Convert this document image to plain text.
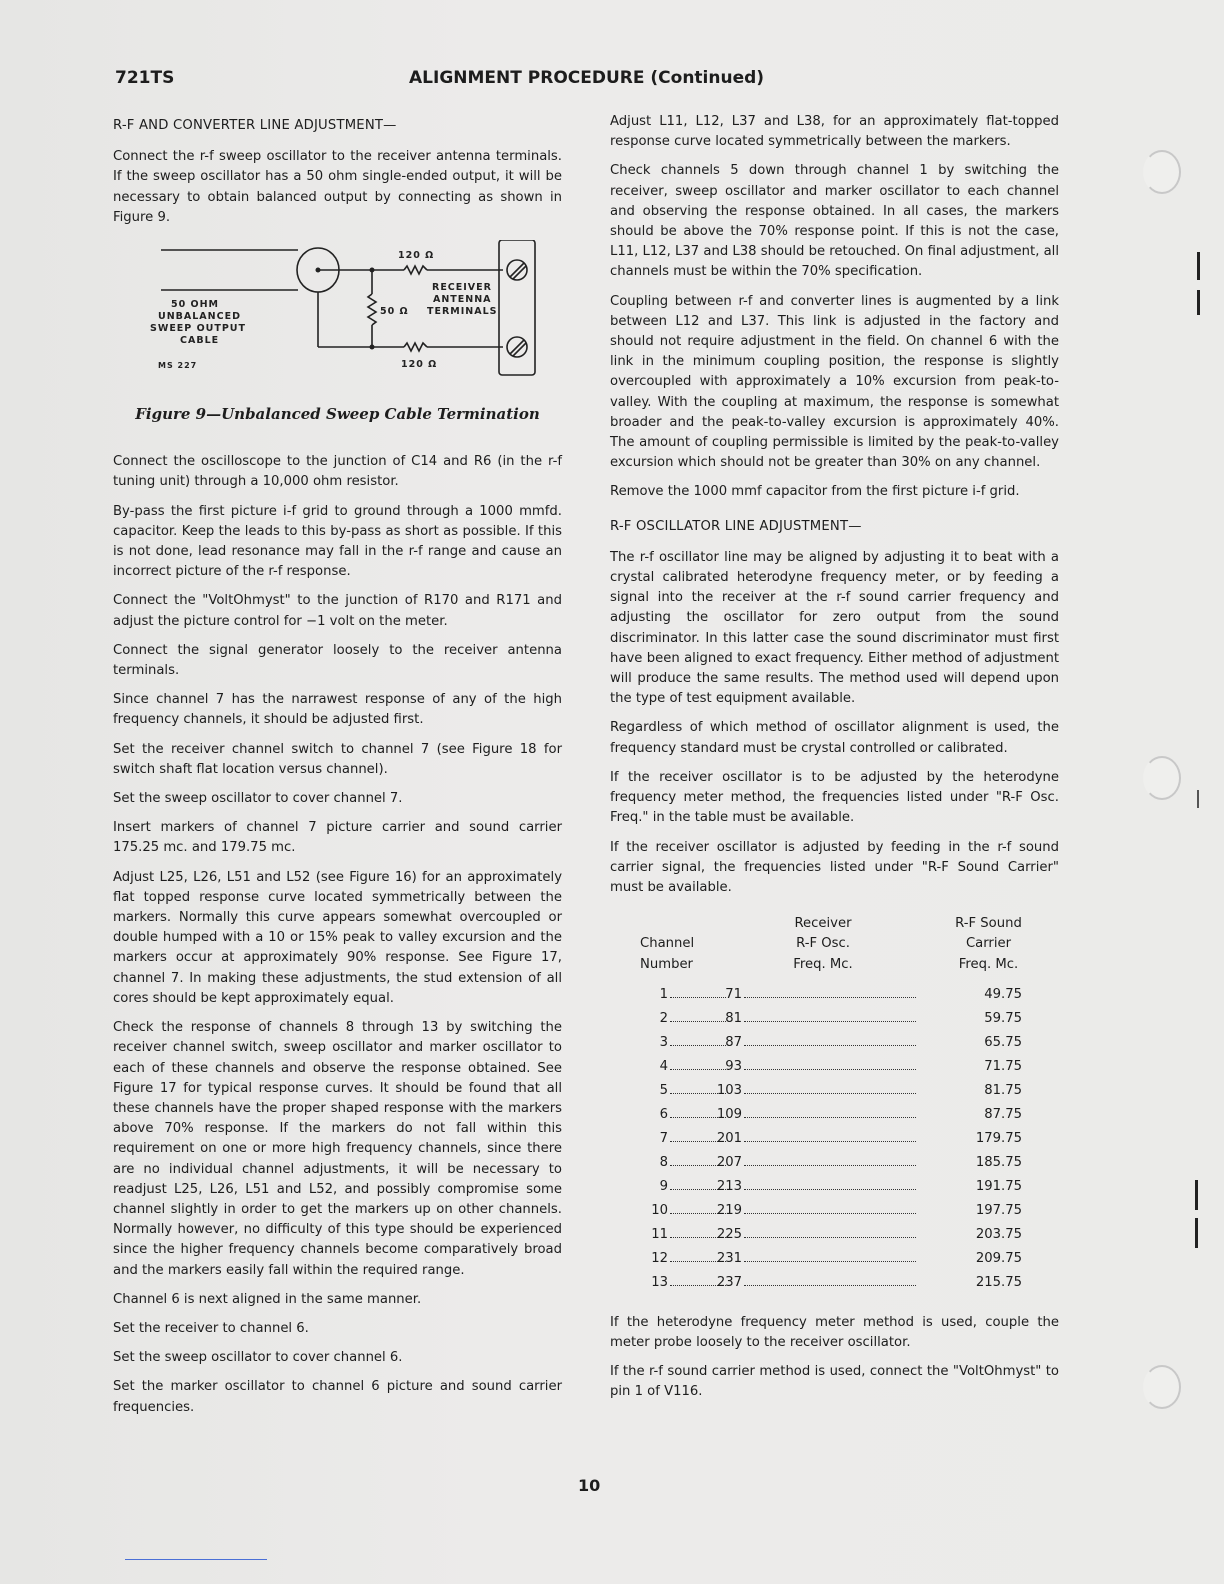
721TS	ALIGNMENT PROCEDURE (Continued)
R-F AND CONVERTER LINE ADJUSTMENT—

Connect the r-f sweep oscillator to the receiver antenna terminals. If the sweep oscillator has a 50 ohm single-ended output, it will be necessary to obtain balanced output by connecting as shown in Figure 9.

120 Ω
50 Ω
120 Ω
RECEIVER
ANTENNA
TERMINALS
50 OHM
UNBALANCED
SWEEP OUTPUT
CABLE
MS 227
Figure 9—Unbalanced Sweep Cable Termination

Connect the oscilloscope to the junction of C14 and R6 (in the r-f tuning unit) through a 10,000 ohm resistor.

By-pass the first picture i-f grid to ground through a 1000 mmfd. capacitor. Keep the leads to this by-pass as short as possible. If this is not done, lead resonance may fall in the r-f range and cause an incorrect picture of the r-f response.

Connect the "VoltOhmyst" to the junction of R170 and R171 and adjust the picture control for −1 volt on the meter.

Connect the signal generator loosely to the receiver antenna terminals.

Since channel 7 has the narrawest response of any of the high frequency channels, it should be adjusted first.

Set the receiver channel switch to channel 7 (see Figure 18 for switch shaft flat location versus channel).

Set the sweep oscillator to cover channel 7.

Insert markers of channel 7 picture carrier and sound carrier 175.25 mc. and 179.75 mc.

Adjust L25, L26, L51 and L52 (see Figure 16) for an approximately flat topped response curve located symmetrically between the markers. Normally this curve appears somewhat overcoupled or double humped with a 10 or 15% peak to valley excursion and the markers occur at approximately 90% response. See Figure 17, channel 7. In making these adjustments, the stud extension of all cores should be kept approximately equal.

Check the response of channels 8 through 13 by switching the receiver channel switch, sweep oscillator and marker oscillator to each of these channels and observe the response obtained. See Figure 17 for typical response curves. It should be found that all these channels have the proper shaped response with the markers above 70% response. If the markers do not fall within this requirement on one or more high frequency channels, since there are no individual channel adjustments, it will be necessary to readjust L25, L26, L51 and L52, and possibly compromise some channel slightly in order to get the markers up on other channels. Normally however, no difficulty of this type should be experienced since the higher frequency channels become comparatively broad and the markers easily fall within the required range.

Channel 6 is next aligned in the same manner.

Set the receiver to channel 6.

Set the sweep oscillator to cover channel 6.

Set the marker oscillator to channel 6 picture and sound carrier frequencies.

Adjust L11, L12, L37 and L38, for an approximately flat-topped response curve located symmetrically between the markers.

Check channels 5 down through channel 1 by switching the receiver, sweep oscillator and marker oscillator to each channel and observing the response obtained. In all cases, the markers should be above the 70% response point. If this is not the case, L11, L12, L37 and L38 should be retouched. On final adjustment, all channels must be within the 70% specification.

Coupling between r-f and converter lines is augmented by a link between L12 and L37. This link is adjusted in the factory and should not require adjustment in the field. On channel 6 with the link in the minimum coupling position, the response is slightly overcoupled with approximately a 10% excursion from peak-to-valley. With the coupling at maximum, the response is somewhat broader and the peak-to-valley excursion is approximately 40%. The amount of coupling permissible is limited by the peak-to-valley excursion which should not be greater than 30% on any channel.

Remove the 1000 mmf capacitor from the first picture i-f grid.

R-F OSCILLATOR LINE ADJUSTMENT—

The r-f oscillator line may be aligned by adjusting it to beat with a crystal calibrated heterodyne frequency meter, or by feeding a signal into the receiver at the r-f sound carrier frequency and adjusting the oscillator for zero output from the sound discriminator. In this latter case the sound discriminator must first have been aligned to exact frequency. Either method of adjustment will produce the same results. The method used will depend upon the type of test equipment available.

Regardless of which method of oscillator alignment is used, the frequency standard must be crystal controlled or calibrated.

If the receiver oscillator is to be adjusted by the heterodyne frequency meter method, the frequencies listed under "R-F Osc. Freq." in the table must be available.

If the receiver oscillator is adjusted by feeding in the r-f sound carrier signal, the frequencies listed under "R-F Sound Carrier" must be available.

	Receiver	R-F Sound
Channel	R-F Osc.	Carrier
Number	Freq. Mc.	Freq. Mc.

1	71	49.75

2	81	59.75

3	87	65.75

4	93	71.75

5	103	81.75

6	109	87.75

7	201	179.75

8	207	185.75

9	213	191.75

10	219	197.75

11	225	203.75

12	231	209.75

13	237	215.75

If the heterodyne frequency meter method is used, couple the meter probe loosely to the receiver oscillator.

If the r-f sound carrier method is used, connect the "VoltOhmyst" to pin 1 of V116.

10
